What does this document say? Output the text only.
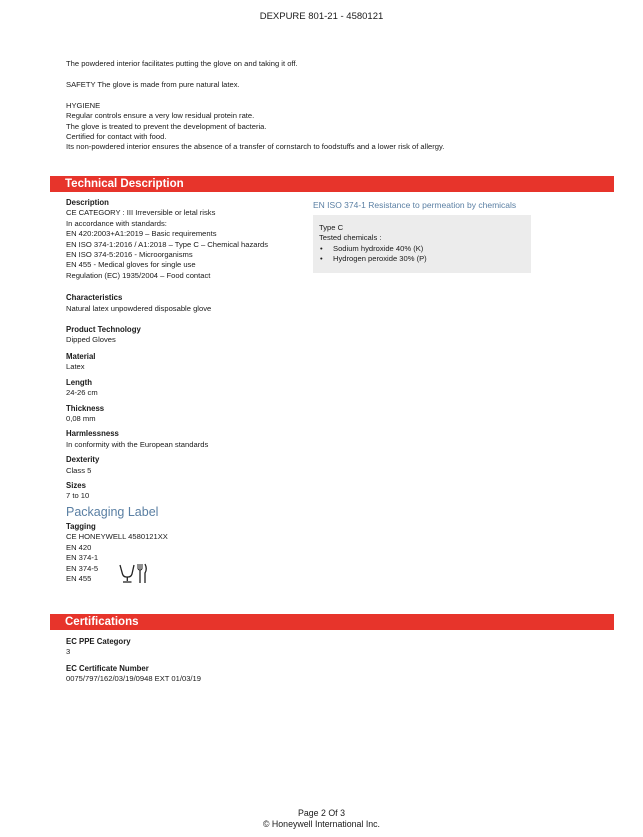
DEXPURE 801-21 - 4580121
The powdered interior facilitates putting the glove on and taking it off.
SAFETY The glove is made from pure natural latex.
HYGIENE
Regular controls ensure a very low residual protein rate.
The glove is treated to prevent the development of bacteria.
Certified for contact with food.
Its non-powdered interior ensures the absence of a transfer of cornstarch to foodstuffs and a lower risk of allergy.
Technical Description
Description
CE CATEGORY : III Irreversible or letal risks
In accordance with standards:
EN 420:2003+A1:2019 – Basic requirements
EN ISO 374-1:2016 / A1:2018 – Type C – Chemical hazards
EN ISO 374-5:2016 - Microorganisms
EN 455 - Medical gloves for single use
Regulation (EC) 1935/2004 – Food contact
Characteristics
Natural latex unpowdered disposable glove
Product Technology
Dipped Gloves
Material
Latex
Length
24-26 cm
Thickness
0,08 mm
Harmlessness
In conformity with the European standards
Dexterity
Class 5
Sizes
7 to 10
EN ISO 374-1 Resistance to permeation by chemicals
Type C
Tested chemicals :
• Sodium hydroxide 40% (K)
• Hydrogen peroxide 30% (P)
Packaging Label
Tagging
CE HONEYWELL 4580121XX
EN 420
EN 374-1
EN 374-5
EN 455
Certifications
EC PPE Category
3
EC Certificate Number
0075/797/162/03/19/0948 EXT 01/03/19
Page 2 Of 3
© Honeywell International Inc.
